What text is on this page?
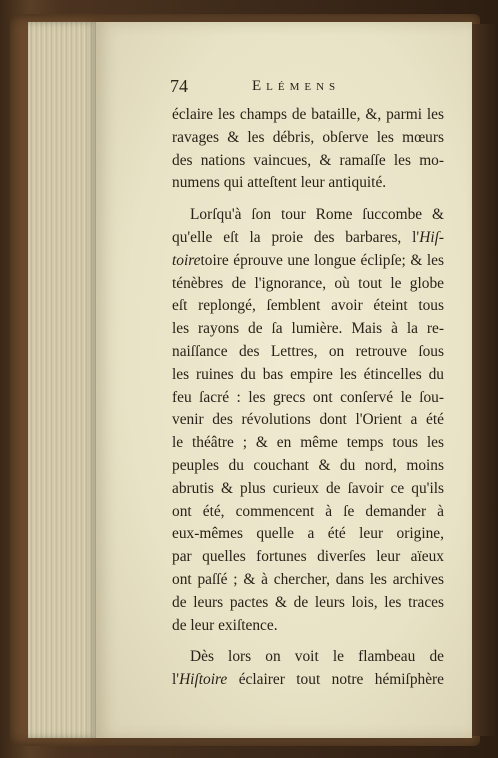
74	Elémens
éclaire les champs de bataille, &, parmi les
ravages & les débris, obſerve les mœurs
des nations vaincues, & ramaſſe les mo-
numens qui atteſtent leur antiquité.
Lorſqu'à ſon tour Rome ſuccombe &
qu'elle eſt la proie des barbares, l'Hiſ-
toiretoire éprouve une longue éclipſe; & les
ténèbres de l'ignorance, où tout le globe
eſt replongé, ſemblent avoir éteint tous
les rayons de ſa lumière. Mais à la re-
naiſſance des Lettres, on retrouve ſous
les ruines du bas empire les étincelles du
feu ſacré : les grecs ont conſervé le ſou-
venir des révolutions dont l'Orient a été
le théâtre ; & en même temps tous les
peuples du couchant & du nord, moins
abrutis & plus curieux de ſavoir ce qu'ils
ont été, commencent à ſe demander à
eux-mêmes quelle a été leur origine,
par quelles fortunes diverſes leur aïeux
ont paſſé ; & à chercher, dans les archives
de leurs pactes & de leurs lois, les traces
de leur exiſtence.
Dès lors on voit le flambeau de
l'Hiſtoire éclairer tout notre hémiſphère
